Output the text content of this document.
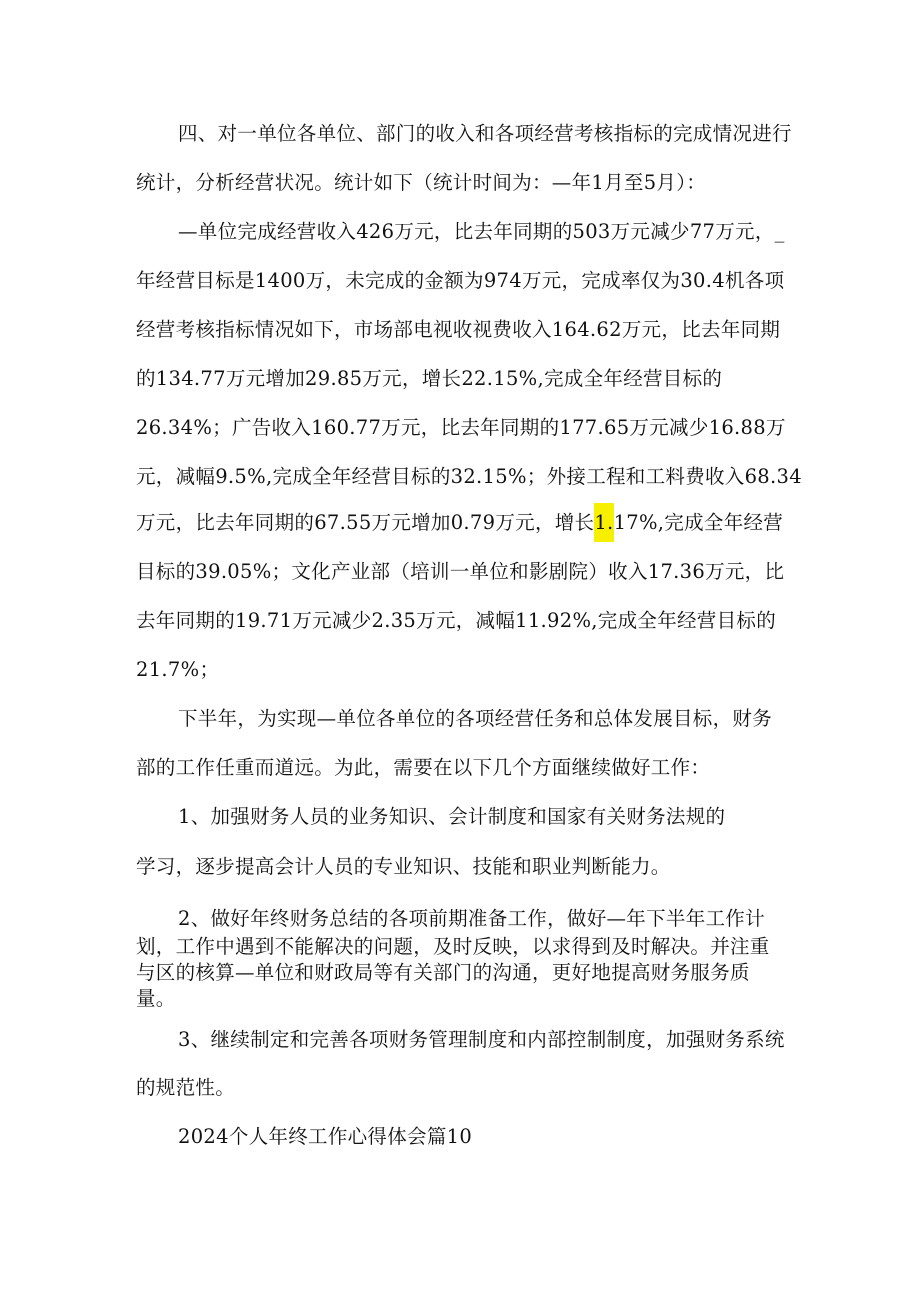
四、对一单位各单位、部门的收入和各项经营考核指标的完成情况进行
统计，分析经营状况。统计如下（统计时间为：—年1月至5月）：
—单位完成经营收入426万元，比去年同期的503万元减少77万元，_
年经营目标是1400万，未完成的金额为974万元，完成率仅为30.4机各项
经营考核指标情况如下，市场部电视收视费收入164.62万元，比去年同期
的134.77万元增加29.85万元，增长22.15%,完成全年经营目标的
26.34%；广告收入160.77万元，比去年同期的177.65万元减少16.88万
元，减幅9.5%,完成全年经营目标的32.15%；外接工程和工料费收入68.34
万元，比去年同期的67.55万元增加0.79万元，增长1.17%,完成全年经营
目标的39.05%；文化产业部（培训一单位和影剧院）收入17.36万元，比
去年同期的19.71万元减少2.35万元，减幅11.92%,完成全年经营目标的
21.7%；
下半年，为实现—单位各单位的各项经营任务和总体发展目标，财务
部的工作任重而道远。为此，需要在以下几个方面继续做好工作：
1、加强财务人员的业务知识、会计制度和国家有关财务法规的
学习，逐步提高会计人员的专业知识、技能和职业判断能力。
2、做好年终财务总结的各项前期准备工作，做好—年下半年工作计
划，工作中遇到不能解决的问题，及时反映，以求得到及时解决。并注重
与区的核算—单位和财政局等有关部门的沟通，更好地提高财务服务质
量。
3、继续制定和完善各项财务管理制度和内部控制制度，加强财务系统
的规范性。
2024个人年终工作心得体会篇10
